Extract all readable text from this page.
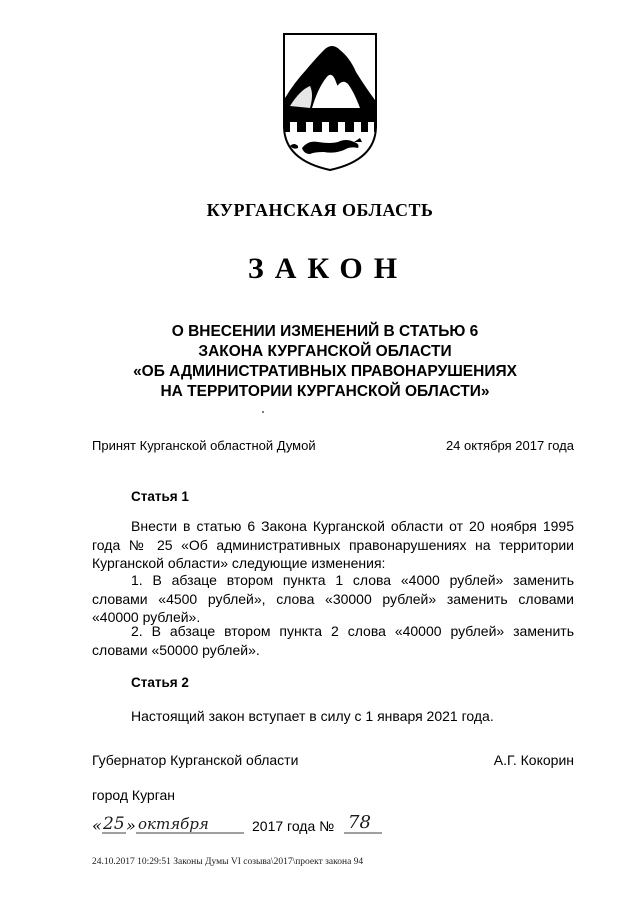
КУРГАНСКАЯ ОБЛАСТЬ
ЗАКОН
О ВНЕСЕНИИ ИЗМЕНЕНИЙ В СТАТЬЮ 6
ЗАКОНА КУРГАНСКОЙ ОБЛАСТИ
«ОБ АДМИНИСТРАТИВНЫХ ПРАВОНАРУШЕНИЯХ
НА ТЕРРИТОРИИ КУРГАНСКОЙ ОБЛАСТИ»
Принят Курганской областной Думой	24 октября 2017 года
Статья 1

Внести в статью 6 Закона Курганской области от 20 ноября 1995 года № 25 «Об административных правонарушениях на территории Курганской области» следующие изменения:

1. В абзаце втором пункта 1 слова «4000 рублей» заменить словами «4500 рублей», слова «30000 рублей» заменить словами «40000 рублей».

2. В абзаце втором пункта 2 слова «40000 рублей» заменить словами «50000 рублей».

Статья 2

Настоящий закон вступает в силу с 1 января 2021 года.

Губернатор Курганской области	А.Г. Кокорин
город Курган
« 25 » октября	2017 года № 78
24.10.2017 10:29:51 Законы Думы VI созыва\2017\проект закона 94
